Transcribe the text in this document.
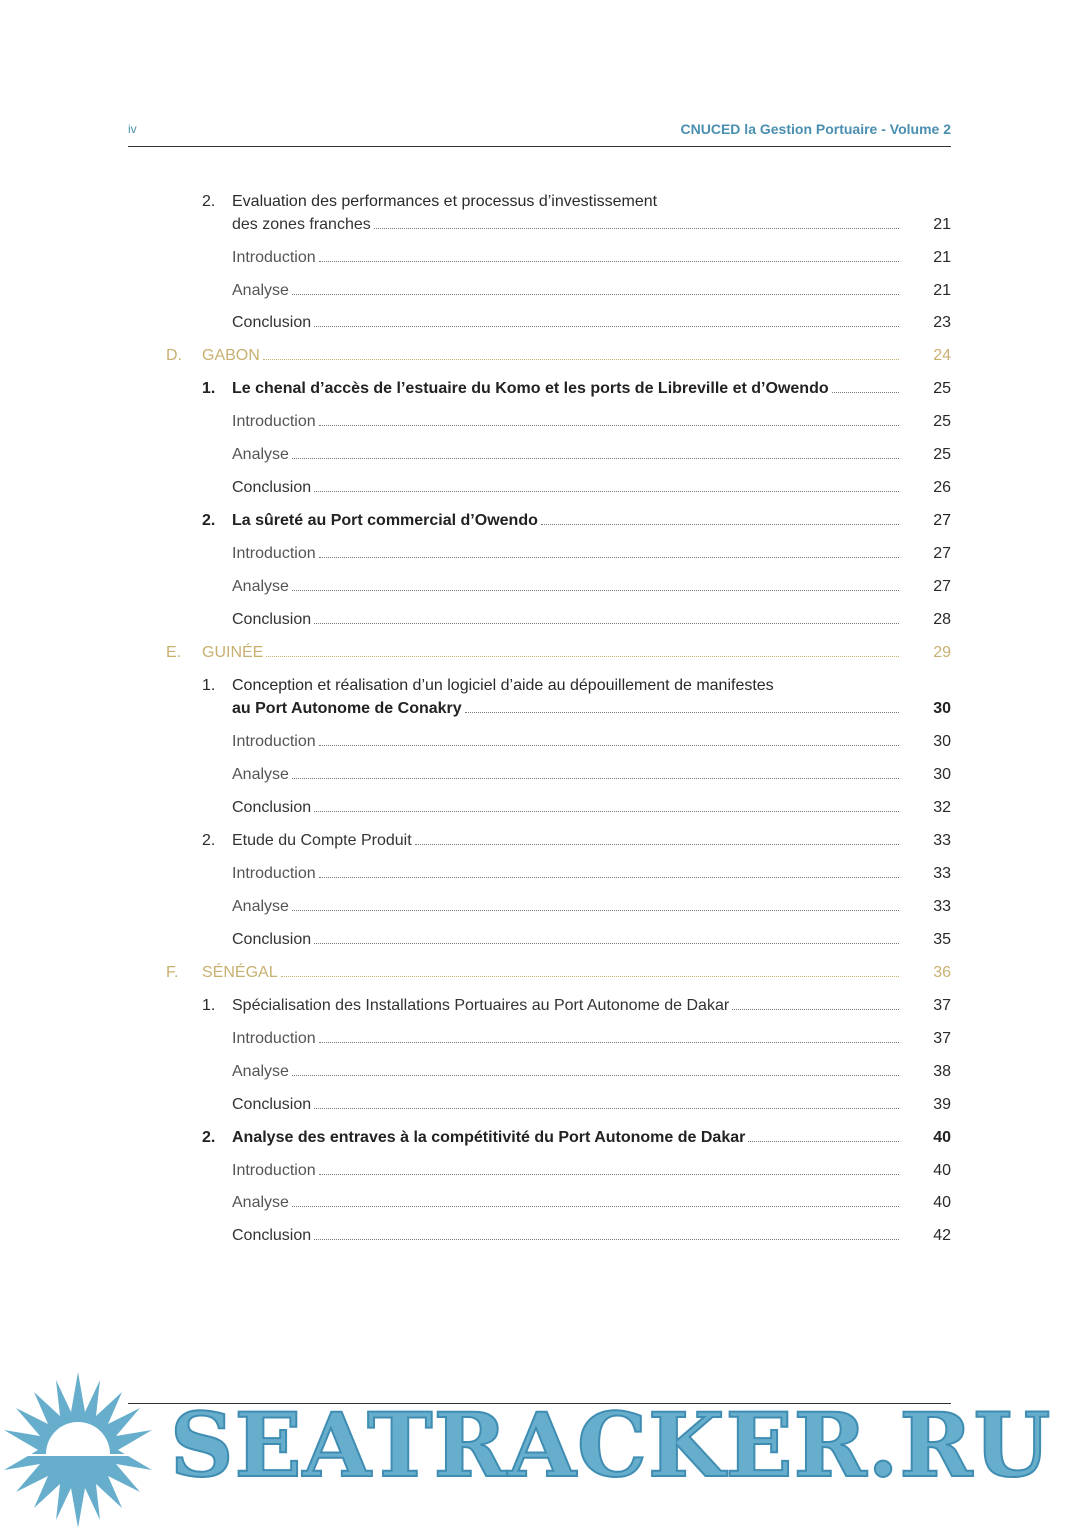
iv	CNUCED la Gestion Portuaire - Volume 2
2. Evaluation des performances et processus d’investissement
des zones franches	21
Introduction	21
Analyse	21
Conclusion	23
D. GABON	24
1. Le chenal d’accès de l’estuaire du Komo et les ports de Libreville et d’Owendo	25
Introduction	25
Analyse	25
Conclusion	26
2. La sûreté au Port commercial d’Owendo	27
Introduction	27
Analyse	27
Conclusion	28
E. GUINÉE	29
1. Conception et réalisation d’un logiciel d’aide au dépouillement de manifestes
au Port Autonome de Conakry	30
Introduction	30
Analyse	30
Conclusion	32
2. Etude du Compte Produit	33
Introduction	33
Analyse	33
Conclusion	35
F. SÉNÉGAL	36
1. Spécialisation des Installations Portuaires au Port Autonome de Dakar	37
Introduction	37
Analyse	38
Conclusion	39
2. Analyse des entraves à la compétitivité du Port Autonome de Dakar	40
Introduction	40
Analyse	40
Conclusion	42
SEATRACKER.RU
